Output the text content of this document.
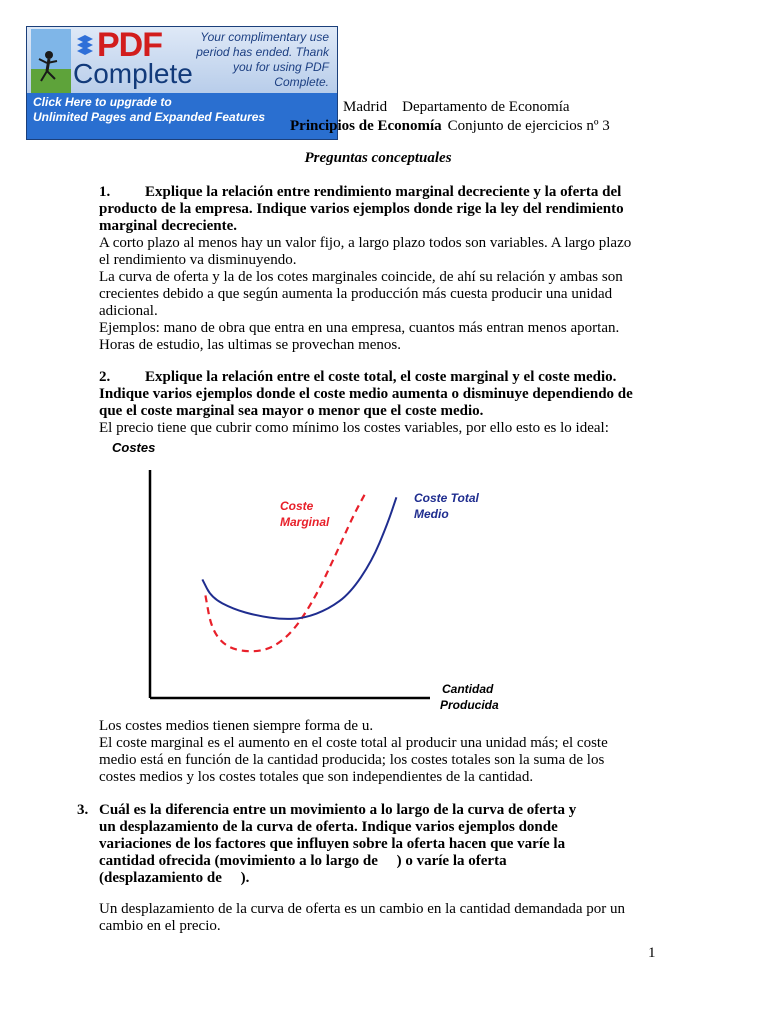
PDF
Complete
Your complimentary use period has ended. Thank you for using PDF Complete.
Click Here to upgrade to
Unlimited Pages and Expanded Features
Madrid    Departamento de Economía
Principios de Economía Conjunto de ejercicios nº 3
Preguntas conceptuales
1. Explique la relación entre rendimiento marginal decreciente y la oferta del
producto de la empresa. Indique varios ejemplos donde rige la ley del rendimiento
marginal decreciente.
A corto plazo al menos hay un valor fijo, a largo plazo todos son variables. A largo plazo
el rendimiento va disminuyendo.
La curva de oferta y la de los cotes marginales coincide, de ahí su relación y ambas son
crecientes debido a que según aumenta la producción más cuesta producir una unidad
adicional.
Ejemplos: mano de obra que entra en una empresa, cuantos más entran menos aportan.
Horas de estudio, las ultimas se provechan menos.
2. Explique la relación entre el coste total, el coste marginal y el coste medio.
Indique varios ejemplos donde el coste medio aumenta o disminuye dependiendo de
que el coste marginal sea mayor o menor que el coste medio.
El precio tiene que cubrir como mínimo los costes variables, por ello esto es lo ideal:
Costes
Coste
Marginal
Coste Total
Medio
Cantidad
Producida
Los costes medios tienen siempre forma de u.
El coste marginal es el aumento en el coste total al producir una unidad más; el coste
medio está en función de la cantidad producida; los costes totales son la suma de los
costes medios y los costes totales que son independientes de la cantidad.
3. Cuál es la diferencia entre un movimiento a lo largo de la curva de oferta y
un desplazamiento de la curva de oferta. Indique varios ejemplos donde
variaciones de los factores que influyen sobre la oferta hacen que varíe la
cantidad ofrecida (movimiento a lo largo de     ) o varíe la oferta
(desplazamiento de     ).
Un desplazamiento de la curva de oferta es un cambio en la cantidad demandada por un
cambio en el precio.
1
